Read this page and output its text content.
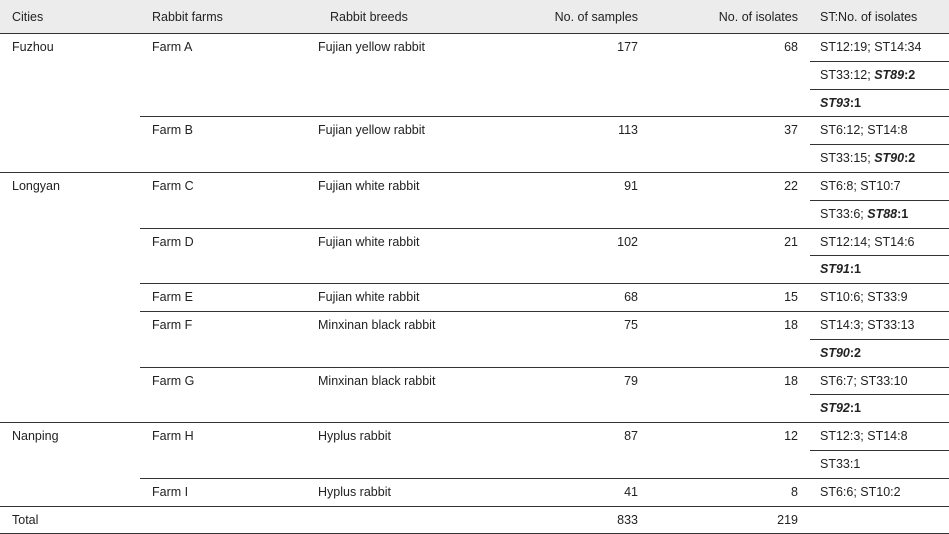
Cities	Rabbit farms	Rabbit breeds	No. of samples	No. of isolates	ST:No. of isolates
Fuzhou	Farm A	Fujian yellow rabbit	177	68	ST12:19; ST14:34
					ST33:12; ST89:2
					ST93:1
	Farm B	Fujian yellow rabbit	113	37	ST6:12; ST14:8
					ST33:15; ST90:2
Longyan	Farm C	Fujian white rabbit	91	22	ST6:8; ST10:7
					ST33:6; ST88:1
	Farm D	Fujian white rabbit	102	21	ST12:14; ST14:6
					ST91:1
	Farm E	Fujian white rabbit	68	15	ST10:6; ST33:9
	Farm F	Minxinan black rabbit	75	18	ST14:3; ST33:13
					ST90:2
	Farm G	Minxinan black rabbit	79	18	ST6:7; ST33:10
					ST92:1
Nanping	Farm H	Hyplus rabbit	87	12	ST12:3; ST14:8
					ST33:1
	Farm I	Hyplus rabbit	41	8	ST6:6; ST10:2
Total			833	219	
